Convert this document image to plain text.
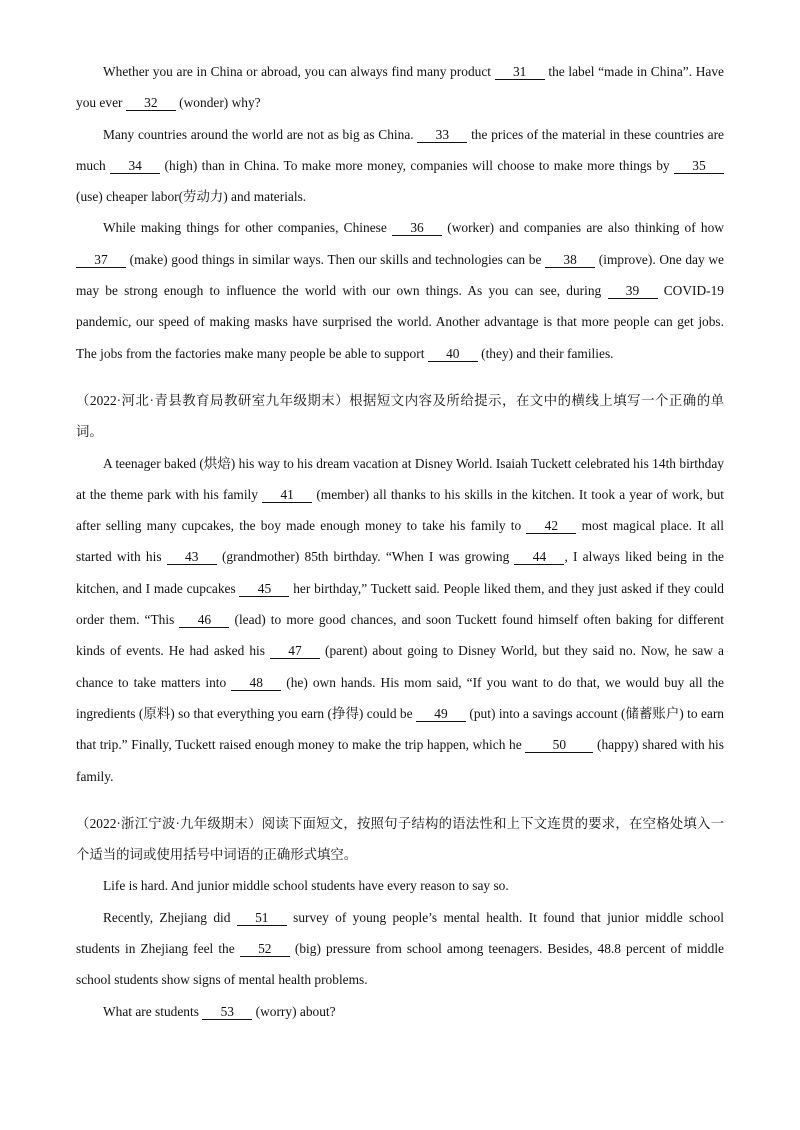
Whether you are in China or abroad, you can always find many product 31 the label “made in China”. Have you ever 32 (wonder) why?

Many countries around the world are not as big as China. 33 the prices of the material in these countries are much 34 (high) than in China. To make more money, companies will choose to make more things by 35 (use) cheaper labor(劳动力) and materials.

While making things for other companies, Chinese 36 (worker) and companies are also thinking of how 37 (make) good things in similar ways. Then our skills and technologies can be 38 (improve). One day we may be strong enough to influence the world with our own things. As you can see, during 39 COVID-19 pandemic, our speed of making masks have surprised the world. Another advantage is that more people can get jobs. The jobs from the factories make many people be able to support 40 (they) and their families.

（2022·河北·青县教育局教研室九年级期末）根据短文内容及所给提示，在文中的横线上填写一个正确的单词。

A teenager baked (烘焙) his way to his dream vacation at Disney World. Isaiah Tuckett celebrated his 14th birthday at the theme park with his family 41 (member) all thanks to his skills in the kitchen. It took a year of work, but after selling many cupcakes, the boy made enough money to take his family to 42 most magical place. It all started with his 43 (grandmother) 85th birthday. “When I was growing 44 , I always liked being in the kitchen, and I made cupcakes 45 her birthday,” Tuckett said. People liked them, and they just asked if they could order them. “This 46 (lead) to more good chances, and soon Tuckett found himself often baking for different kinds of events. He had asked his 47 (parent) about going to Disney World, but they said no. Now, he saw a chance to take matters into 48 (he) own hands. His mom said, “If you want to do that, we would buy all the ingredients (原料) so that everything you earn (挣得) could be 49 (put) into a savings account (储蓄账户) to earn that trip.” Finally, Tuckett raised enough money to make the trip happen, which he 50 (happy) shared with his family.

（2022·浙江宁波·九年级期末）阅读下面短文，按照句子结构的语法性和上下文连贯的要求，在空格处填入一个适当的词或使用括号中词语的正确形式填空。

Life is hard. And junior middle school students have every reason to say so.

Recently, Zhejiang did 51 survey of young people’s mental health. It found that junior middle school students in Zhejiang feel the 52 (big) pressure from school among teenagers. Besides, 48.8 percent of middle school students show signs of mental health problems.

What are students 53 (worry) about?
